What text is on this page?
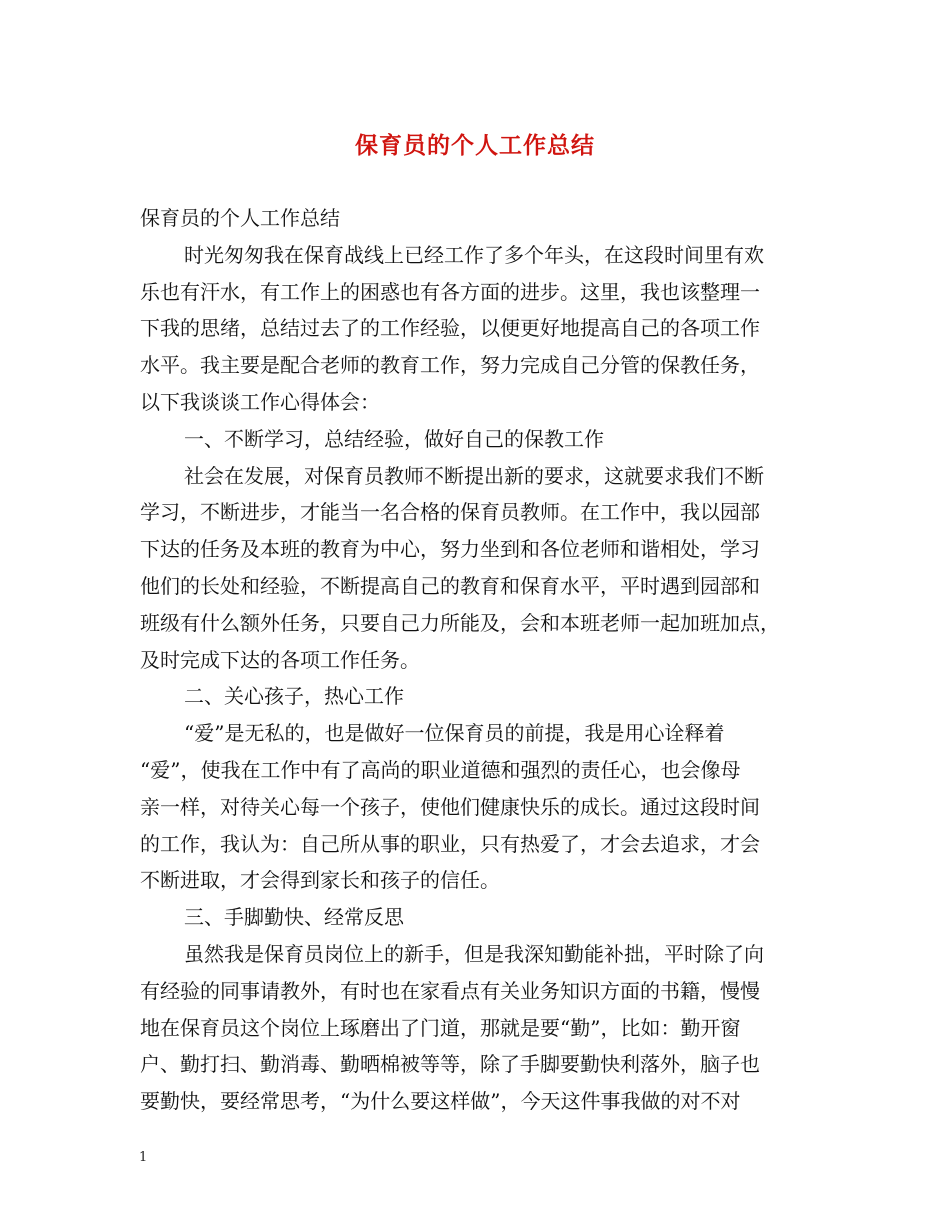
保育员的个人工作总结

保育员的个人工作总结

时光匆匆我在保育战线上已经工作了多个年头，在这段时间里有欢

乐也有汗水，有工作上的困惑也有各方面的进步。这里，我也该整理一

下我的思绪，总结过去了的工作经验，以便更好地提高自己的各项工作

水平。我主要是配合老师的教育工作，努力完成自己分管的保教任务，

以下我谈谈工作心得体会：

一、不断学习，总结经验，做好自己的保教工作

社会在发展，对保育员教师不断提出新的要求，这就要求我们不断

学习，不断进步，才能当一名合格的保育员教师。在工作中，我以园部

下达的任务及本班的教育为中心，努力坐到和各位老师和谐相处，学习

他们的长处和经验，不断提高自己的教育和保育水平，平时遇到园部和

班级有什么额外任务，只要自己力所能及，会和本班老师一起加班加点，

及时完成下达的各项工作任务。

二、关心孩子，热心工作

“爱”是无私的，也是做好一位保育员的前提，我是用心诠释着

“爱”，使我在工作中有了高尚的职业道德和强烈的责任心，也会像母

亲一样，对待关心每一个孩子，使他们健康快乐的成长。通过这段时间

的工作，我认为：自己所从事的职业，只有热爱了，才会去追求，才会

不断进取，才会得到家长和孩子的信任。

三、手脚勤快、经常反思

虽然我是保育员岗位上的新手，但是我深知勤能补拙，平时除了向

有经验的同事请教外，有时也在家看点有关业务知识方面的书籍，慢慢

地在保育员这个岗位上琢磨出了门道，那就是要“勤”，比如：勤开窗

户、勤打扫、勤消毒、勤晒棉被等等，除了手脚要勤快利落外，脑子也

要勤快，要经常思考，“为什么要这样做”，今天这件事我做的对不对

1
